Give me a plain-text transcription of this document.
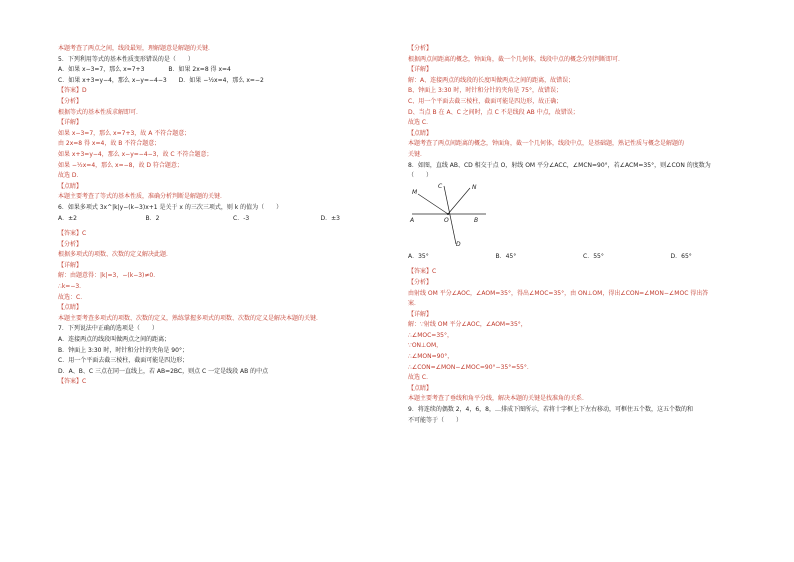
本题考查了两点之间，线段最短，理解题意是解题的关键．
5．下列利用等式的基本性质变形错误的是（　　）
A．如果 x−3=7，那么 x=7+3　　　　B．如果 2x=8 得 x=4
C．如果 x+3=y−4，那么 x−y=−4−3　　D．如果 −½x=4，那么 x=−2
【答案】D
【分析】
根据等式的基本性质求解即可．
【详解】
如果 x−3=7，那么 x=7+3，故 A 不符合题意；
由 2x=8 得 x=4，故 B 不符合题意；
如果 x+3=y−4，那么 x−y=−4−3，故 C 不符合题意；
如果 −½x=4，那么 x=−8，故 D 符合题意；
故选 D．
【点睛】
本题主要考查了等式的基本性质，准确分析判断是解题的关键．
6．如果多项式 3x^|k|y−(k−3)x+1 是关于 x 的三次三项式，则 k 的值为（　　）
A．±2	B．2	C．-3	D．±3
【答案】C
【分析】
根据多项式的项数、次数的定义解决此题．
【详解】
解：由题意得：|k|=3，−(k−3)≠0．
∴k=−3．
故选：C．
【点睛】
本题主要考查多项式的项数、次数的定义，熟练掌握多项式的项数、次数的定义是解决本题的关键．
7．下列说法中正确的选项是（　　）
A．连接两点的线段叫做两点之间的距离；
B．钟面上 3:30 时，时针和分针的夹角是 90°；
C．用一个平面去截三棱柱，截面可能是四边形；
D．A、B、C 三点在同一直线上，若 AB=2BC，则点 C 一定是线段 AB 的中点
【答案】C
【分析】
根据两点间距离的概念，钟面角，截一个几何体，线段中点的概念分别判断即可．
【详解】
解：A、连接两点的线段的长度叫做两点之间的距离，故错误；
B、钟面上 3:30 时，时针和分针的夹角是 75°，故错误；
C、用一个平面去截三棱柱，截面可能是四边形，故正确；
D、当点 B 在 A、C 之间时，点 C 不是线段 AB 中点，故错误；
故选 C．
【点睛】
本题考查了两点间距离的概念，钟面角，截一个几何体，线段中点，是基础题，熟记性质与概念是解题的
关键．
8．如图，直线 AB、CD 相交于点 O，射线 OM 平分∠ACC，∠MCN=90°，若∠ACM=35°，则∠CON 的度数为
（　　）
M
C	N
A	O	B
D
A．35°	B．45°	C．55°	D．65°
【答案】C
【分析】
由射线 OM 平分∠AOC，∠AOM=35°，得出∠MOC=35°，由 ON⊥OM，得出∠CON=∠MON−∠MOC 得出答
案．
【详解】
解：∵射线 OM 平分∠AOC，∠AOM=35°，
∴∠MOC=35°，
∵ON⊥OM，
∴∠MON=90°，
∴∠CON=∠MON−∠MOC=90°−35°=55°．
故选 C．
【点睛】
本题主要考查了垂线和角平分线，解决本题的关键是找准角的关系．
9．将连续的偶数 2，4，6，8，…排成下图所示，若将十字框上下左右移动，可框住五个数，这五个数的和
不可能等于（　　）
